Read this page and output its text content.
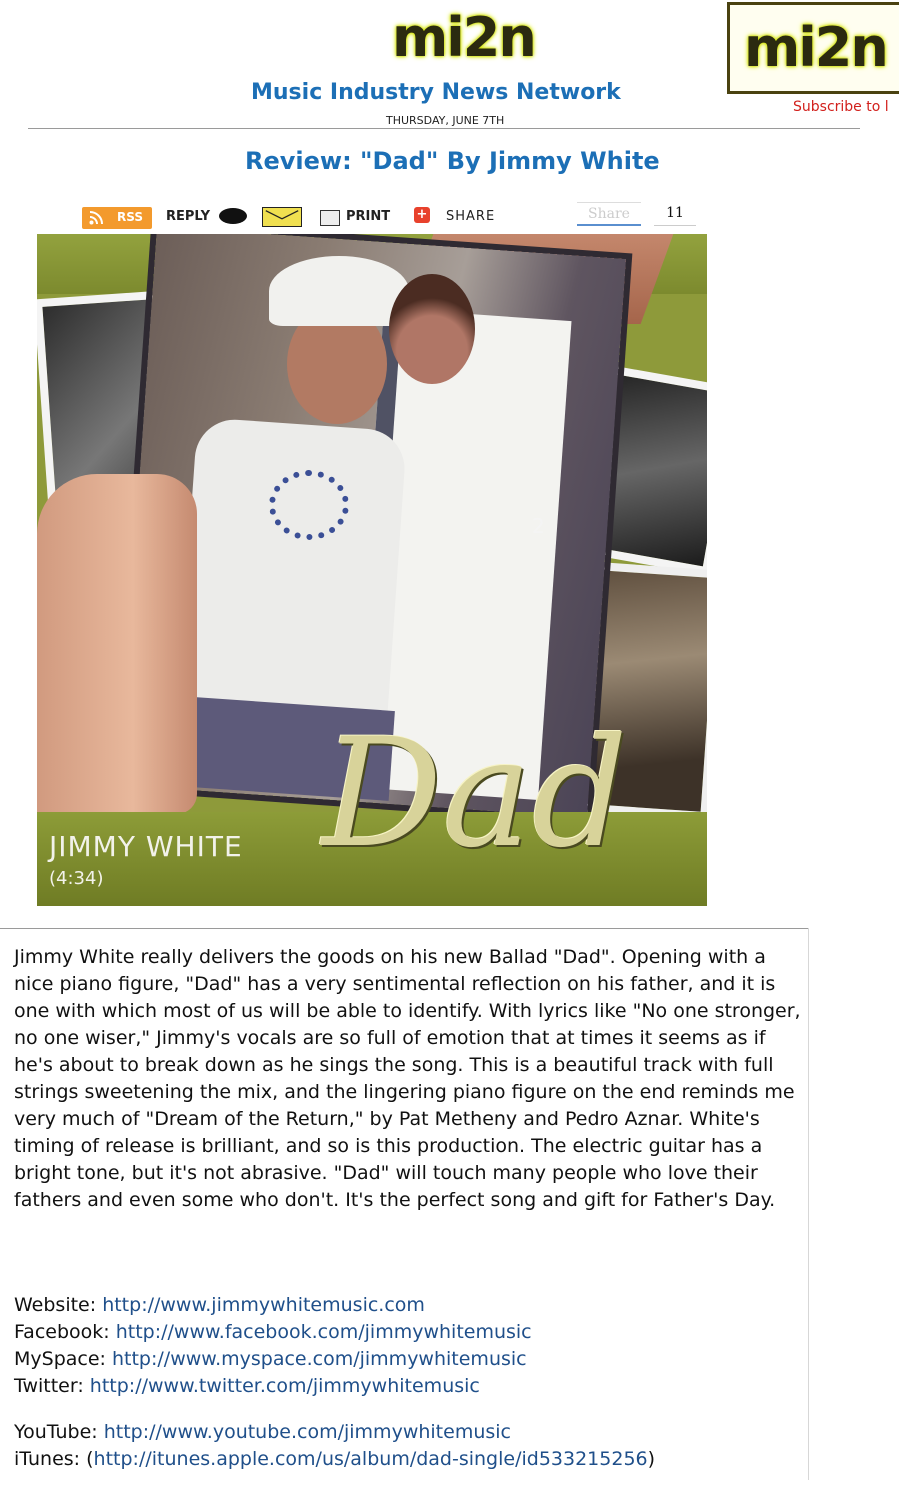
mi2n	mi2n
Subscribe to l
Music Industry News Network
THURSDAY, JUNE 7TH
Review: "Dad" By Jimmy White
RSS REPLY	PRINT + SHARE	Share	11
2
JIMMY WHITE
(4:34) Dad
Jimmy White really delivers the goods on his new Ballad "Dad". Opening with a nice piano figure, "Dad" has a very sentimental reflection on his father, and it is one with which most of us will be able to identify. With lyrics like "No one stronger, no one wiser," Jimmy's vocals are so full of emotion that at times it seems as if he's about to break down as he sings the song. This is a beautiful track with full strings sweetening the mix, and the lingering piano figure on the end reminds me very much of "Dream of the Return," by Pat Metheny and Pedro Aznar. White's timing of release is brilliant, and so is this production. The electric guitar has a bright tone, but it's not abrasive. "Dad" will touch many people who love their fathers and even some who don't. It's the perfect song and gift for Father's Day.
Website: http://www.jimmywhitemusic.com
Facebook: http://www.facebook.com/jimmywhitemusic
MySpace: http://www.myspace.com/jimmywhitemusic
Twitter: http://www.twitter.com/jimmywhitemusic
YouTube: http://www.youtube.com/jimmywhitemusic
iTunes: (http://itunes.apple.com/us/album/dad-single/id533215256)
